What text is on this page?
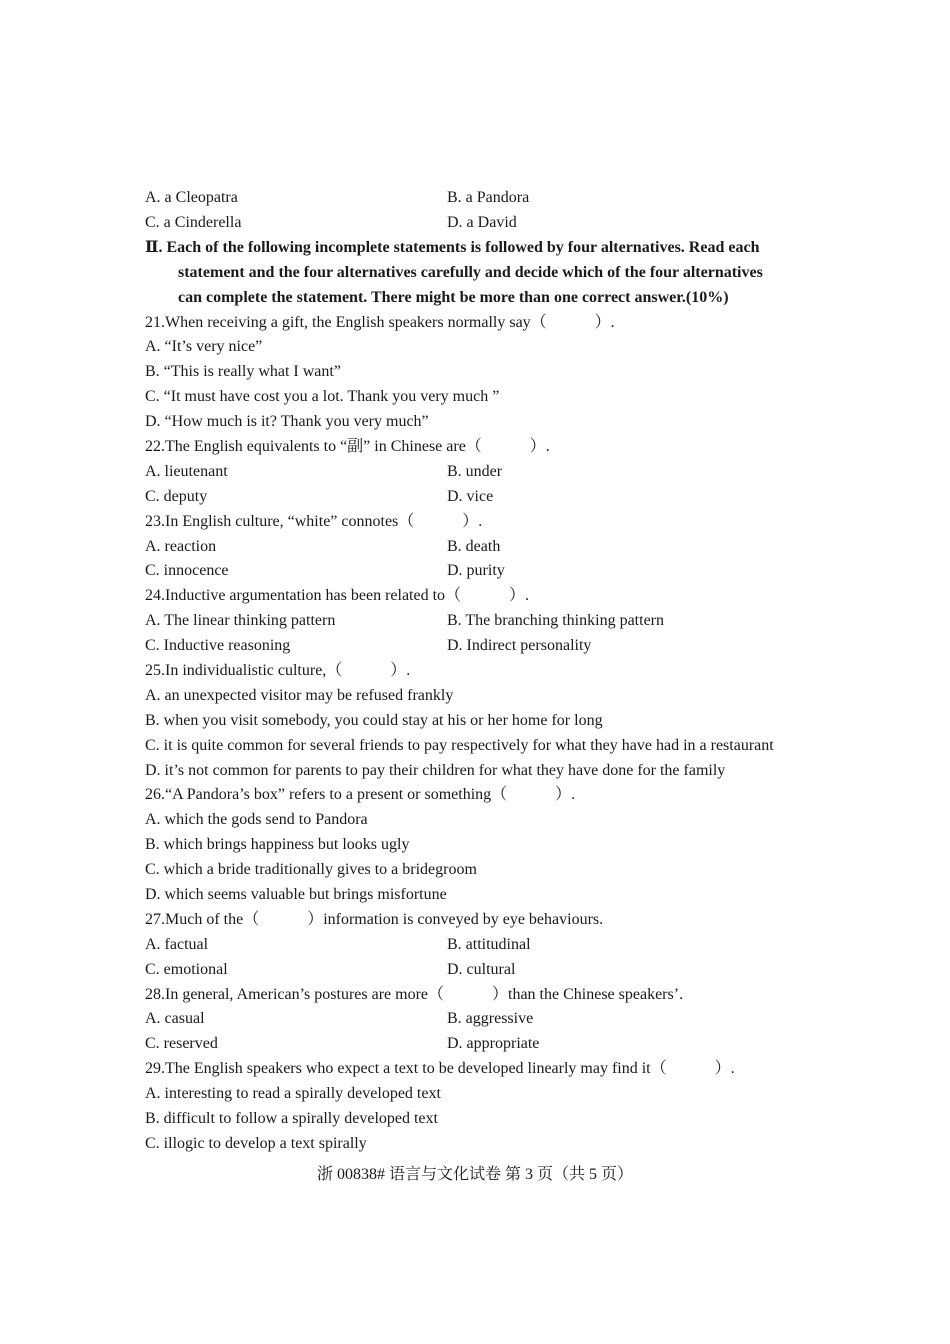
A. a Cleopatra	B. a Pandora
C. a Cinderella	D. a David
Ⅱ. Each of the following incomplete statements is followed by four alternatives. Read each
statement and the four alternatives carefully and decide which of the four alternatives
can complete the statement. There might be more than one correct answer.(10%)
21.When receiving a gift, the English speakers normally say（　　　）.
A. “It’s very nice”
B. “This is really what I want”
C. “It must have cost you a lot. Thank you very much ”
D. “How much is it? Thank you very much”
22.The English equivalents to “副” in Chinese are（　　　）.
A. lieutenant	B. under
C. deputy	D. vice
23.In English culture, “white” connotes（　　　）.
A. reaction	B. death
C. innocence	D. purity
24.Inductive argumentation has been related to（　　　）.
A. The linear thinking pattern	B. The branching thinking pattern
C. Inductive reasoning	D. Indirect personality
25.In individualistic culture,（　　　）.
A. an unexpected visitor may be refused frankly
B. when you visit somebody, you could stay at his or her home for long
C. it is quite common for several friends to pay respectively for what they have had in a restaurant
D. it’s not common for parents to pay their children for what they have done for the family
26.“A Pandora’s box” refers to a present or something（　　　）.
A. which the gods send to Pandora
B. which brings happiness but looks ugly
C. which a bride traditionally gives to a bridegroom
D. which seems valuable but brings misfortune
27.Much of the（　　　）information is conveyed by eye behaviours.
A. factual	B. attitudinal
C. emotional	D. cultural
28.In general, American’s postures are more（　　　）than the Chinese speakers’.
A. casual	B. aggressive
C. reserved	D. appropriate
29.The English speakers who expect a text to be developed linearly may find it（　　　）.
A. interesting to read a spirally developed text
B. difficult to follow a spirally developed text
C. illogic to develop a text spirally
浙 00838# 语言与文化试卷 第 3 页（共 5 页）
